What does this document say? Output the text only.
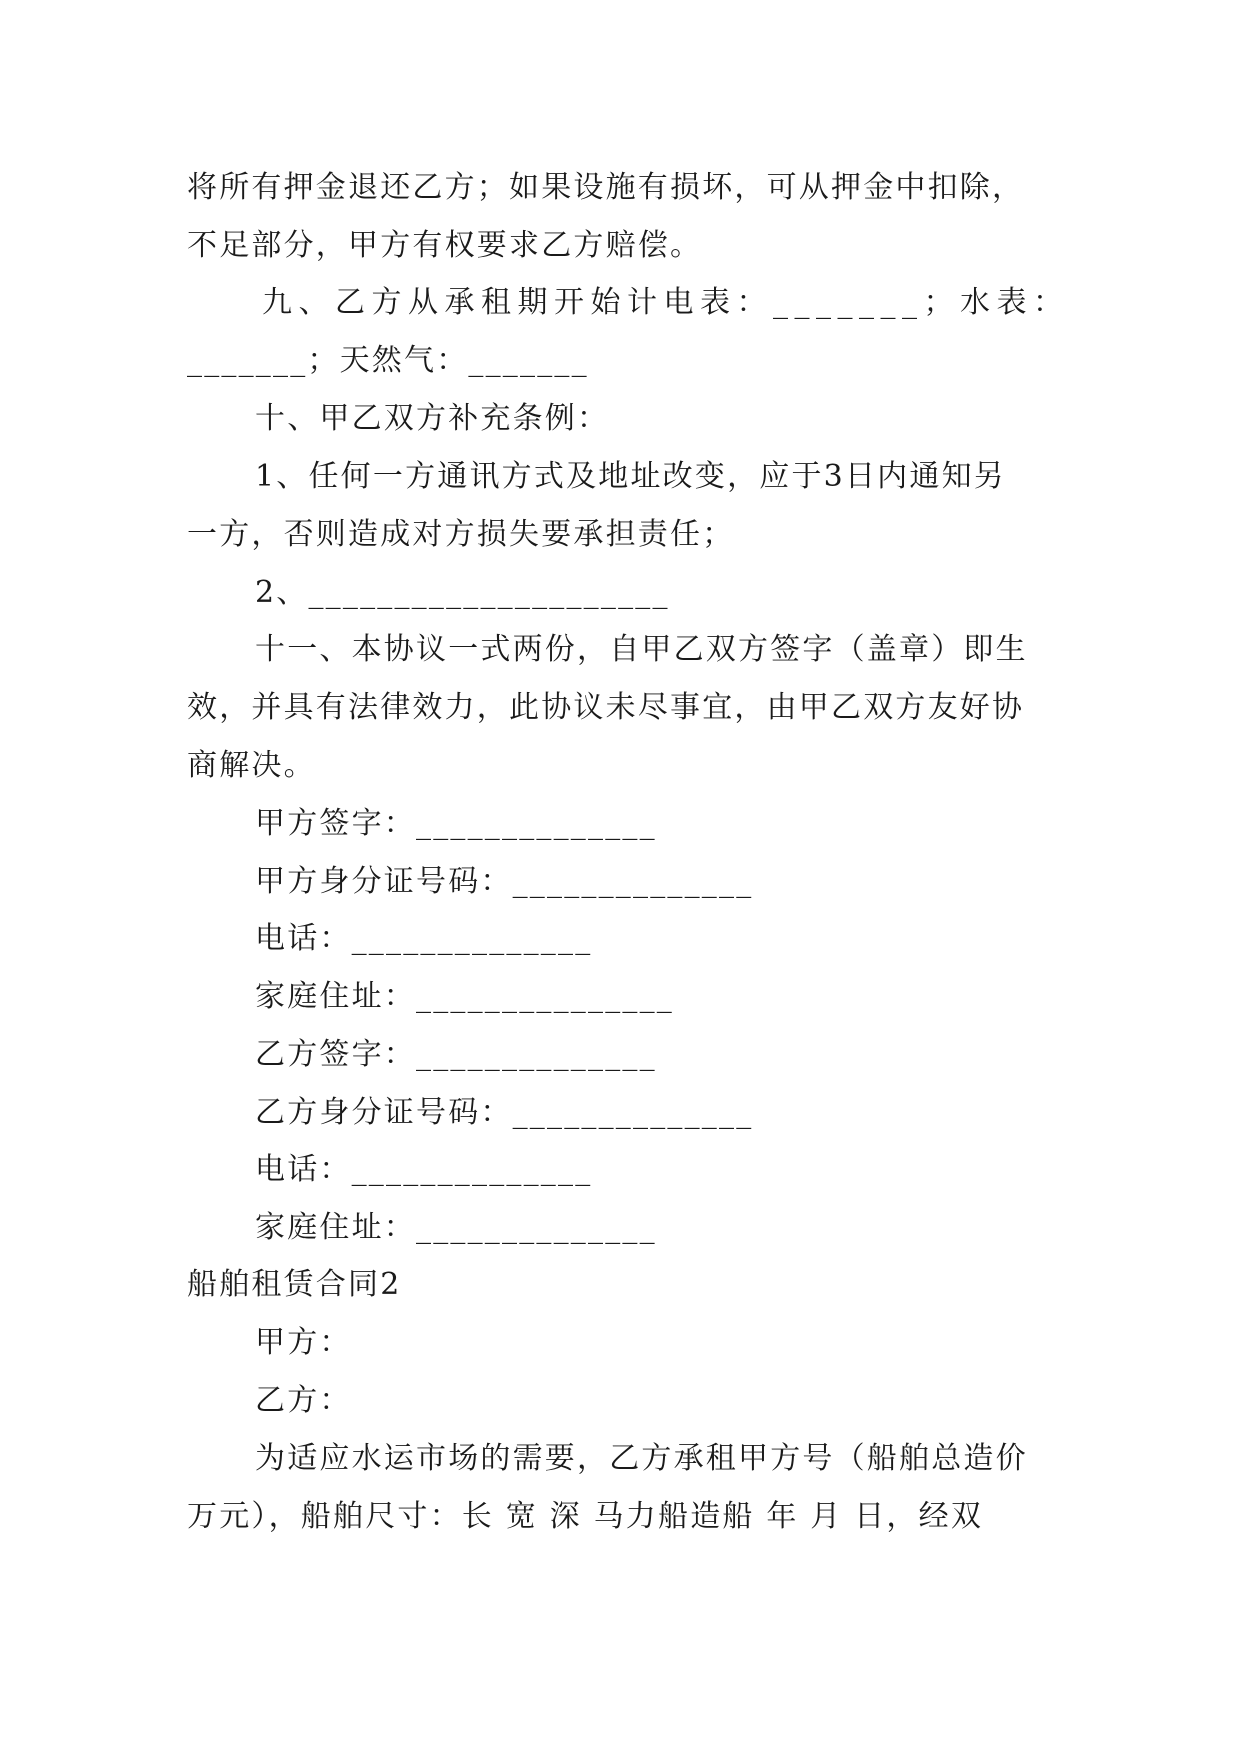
将所有押金退还乙方；如果设施有损坏，可从押金中扣除，
不足部分，甲方有权要求乙方赔偿。
九、乙方从承租期开始计电表：_______；水表：
_______；天然气：_______
十、甲乙双方补充条例：
1、任何一方通讯方式及地址改变，应于3日内通知另
一方，否则造成对方损失要承担责任；
2、_____________________
十一、本协议一式两份，自甲乙双方签字（盖章）即生
效，并具有法律效力，此协议未尽事宜，由甲乙双方友好协
商解决。
甲方签字：______________
甲方身分证号码：______________
电话：______________
家庭住址：_______________
乙方签字：______________
乙方身分证号码：______________
电话：______________
家庭住址：______________
船舶租赁合同2
甲方：
乙方：
为适应水运市场的需要，乙方承租甲方号（船舶总造价
万元），船舶尺寸：长 宽 深 马力船造船 年 月 日，经双
